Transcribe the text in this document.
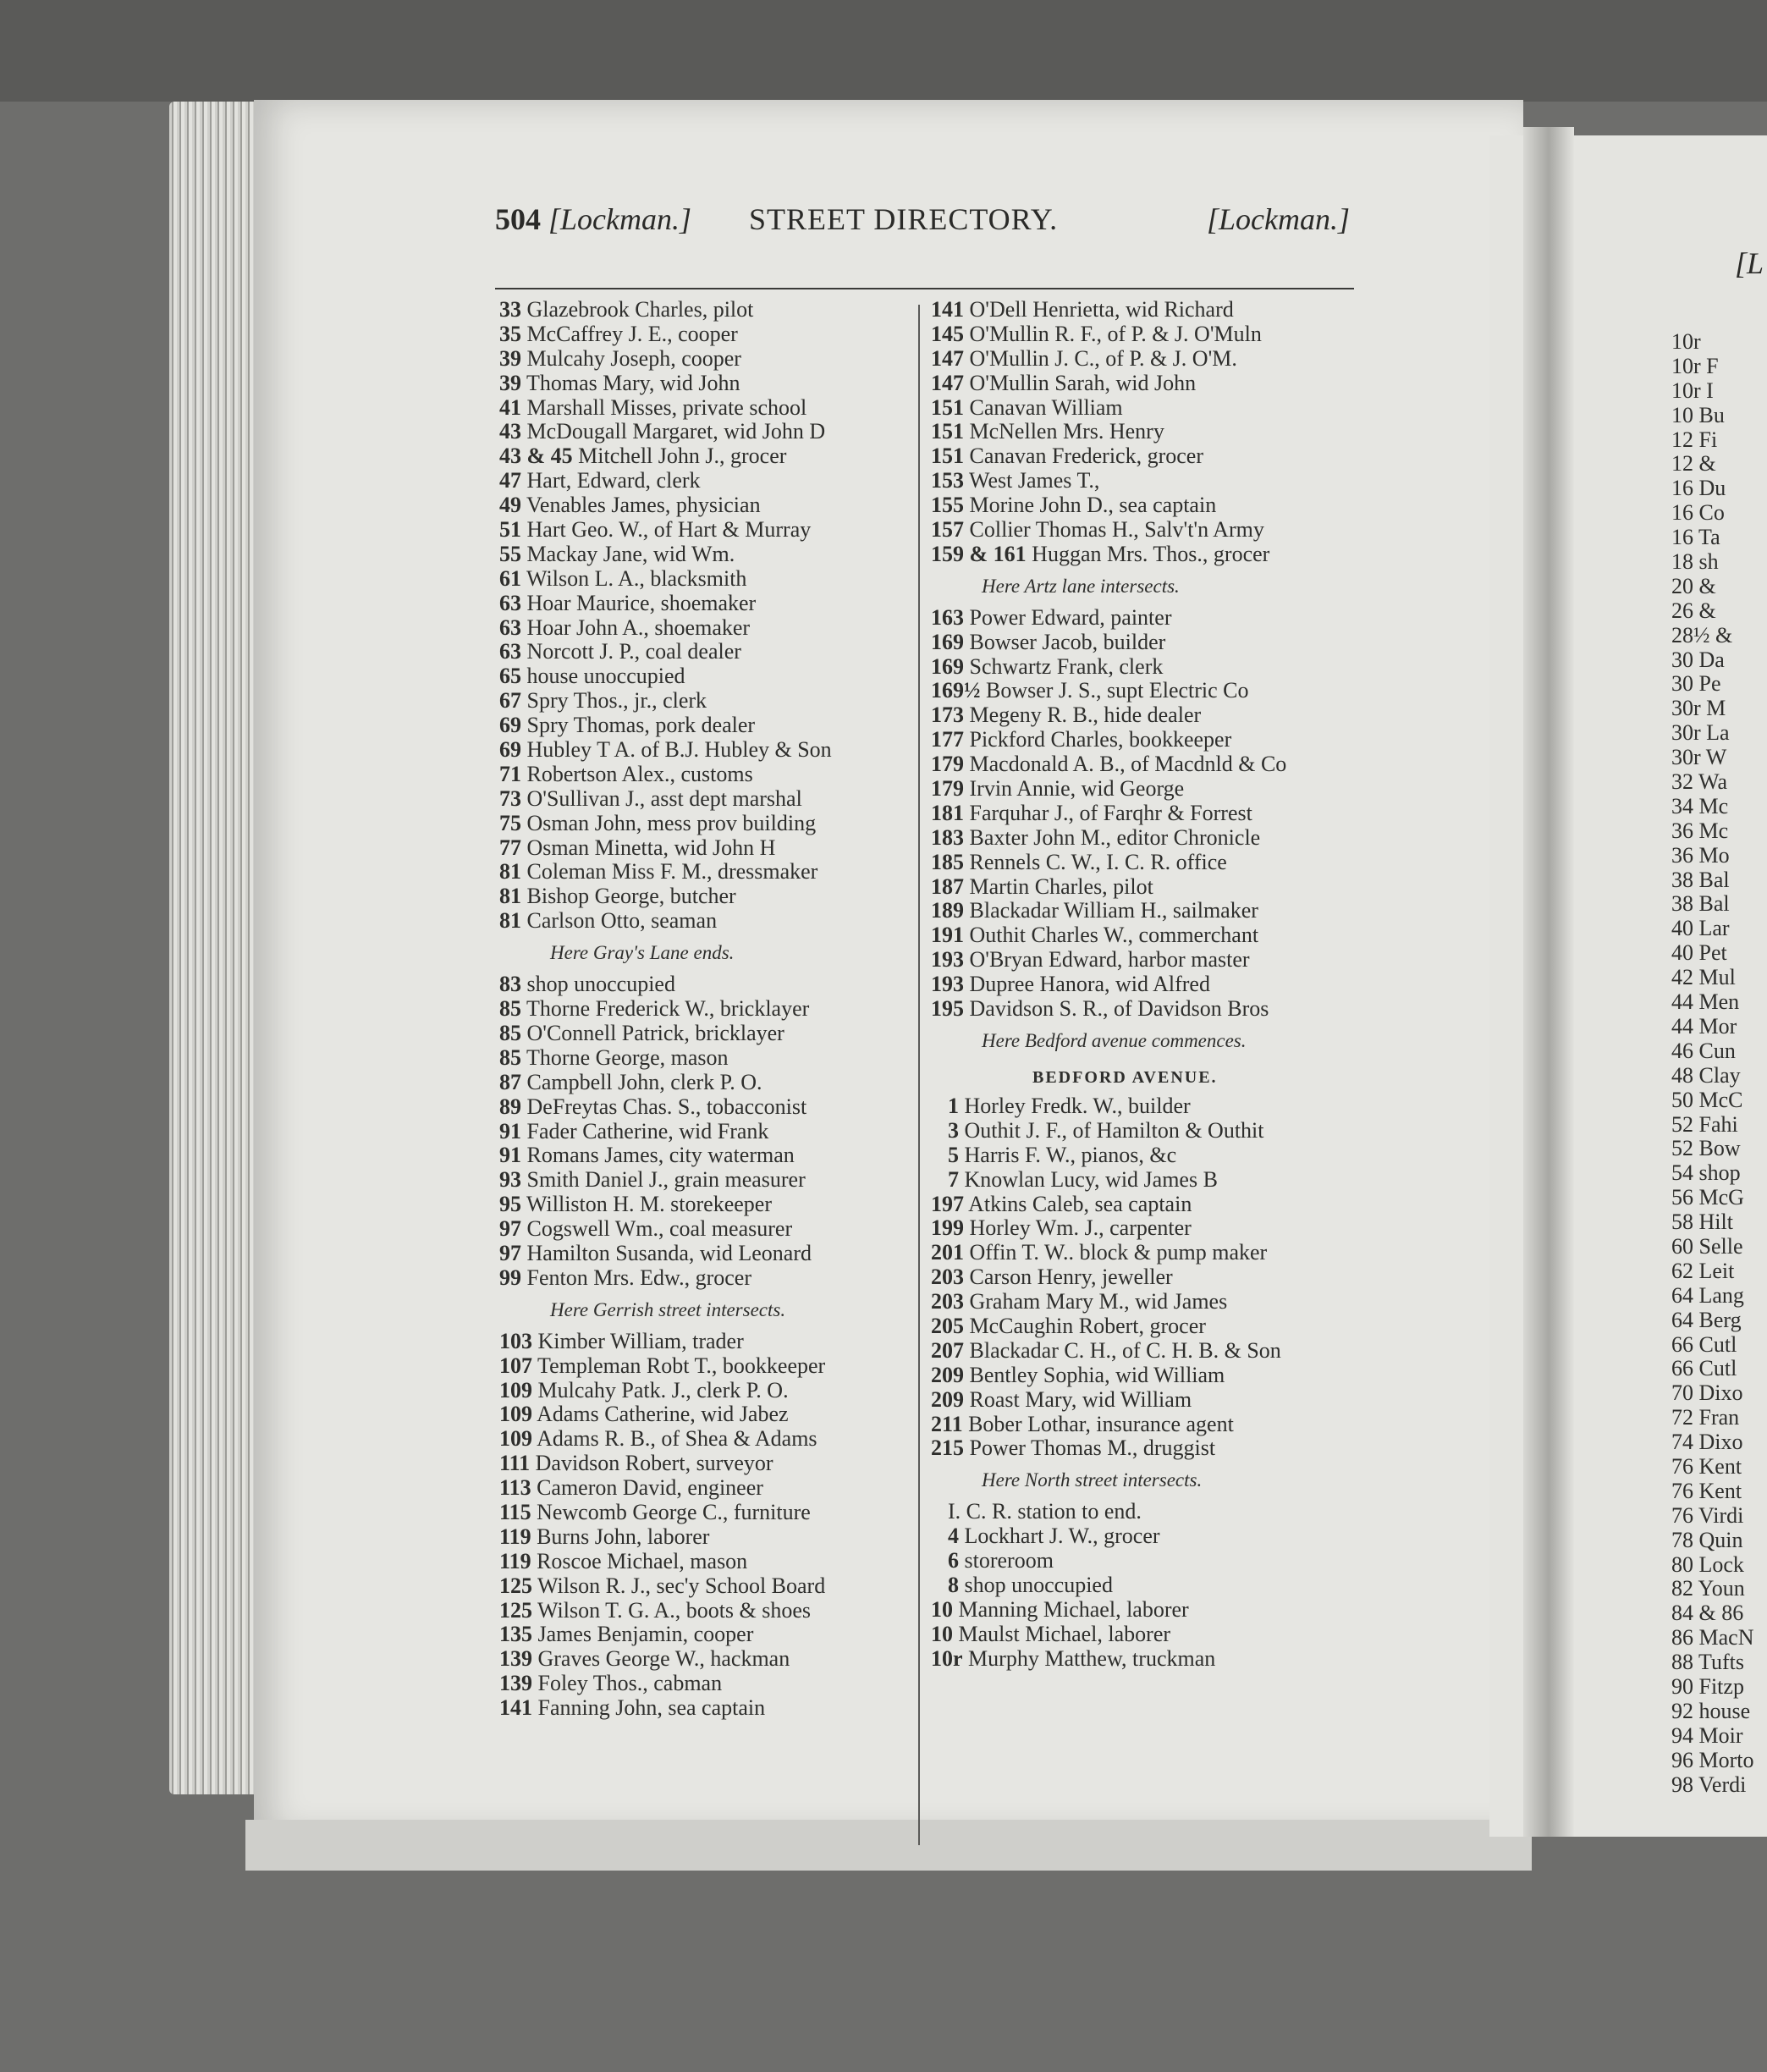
504 [Lockman.] STREET DIRECTORY.	[Lockman.]
33 Glazebrook Charles, pilot
35 McCaffrey J. E., cooper
39 Mulcahy Joseph, cooper
39 Thomas Mary, wid John
41 Marshall Misses, private school
43 McDougall Margaret, wid John D
43 & 45 Mitchell John J., grocer
47 Hart, Edward, clerk
49 Venables James, physician
51 Hart Geo. W., of Hart & Murray
55 Mackay Jane, wid Wm.
61 Wilson L. A., blacksmith
63 Hoar Maurice, shoemaker
63 Hoar John A., shoemaker
63 Norcott J. P., coal dealer
65 house unoccupied
67 Spry Thos., jr., clerk
69 Spry Thomas, pork dealer
69 Hubley T A. of B.J. Hubley & Son
71 Robertson Alex., customs
73 O'Sullivan J., asst dept marshal
75 Osman John, mess prov building
77 Osman Minetta, wid John H
81 Coleman Miss F. M., dressmaker
81 Bishop George, butcher
81 Carlson Otto, seaman
Here Gray's Lane ends.
83 shop unoccupied
85 Thorne Frederick W., bricklayer
85 O'Connell Patrick, bricklayer
85 Thorne George, mason
87 Campbell John, clerk P. O.
89 DeFreytas Chas. S., tobacconist
91 Fader Catherine, wid Frank
91 Romans James, city waterman
93 Smith Daniel J., grain measurer
95 Williston H. M. storekeeper
97 Cogswell Wm., coal measurer
97 Hamilton Susanda, wid Leonard
99 Fenton Mrs. Edw., grocer
Here Gerrish street intersects.
103 Kimber William, trader
107 Templeman Robt T., bookkeeper
109 Mulcahy Patk. J., clerk P. O.
109 Adams Catherine, wid Jabez
109 Adams R. B., of Shea & Adams
111 Davidson Robert, surveyor
113 Cameron David, engineer
115 Newcomb George C., furniture
119 Burns John, laborer
119 Roscoe Michael, mason
125 Wilson R. J., sec'y School Board
125 Wilson T. G. A., boots & shoes
135 James Benjamin, cooper
139 Graves George W., hackman
139 Foley Thos., cabman
141 Fanning John, sea captain
141 O'Dell Henrietta, wid Richard
145 O'Mullin R. F., of P. & J. O'Muln
147 O'Mullin J. C., of P. & J. O'M.
147 O'Mullin Sarah, wid John
151 Canavan William
151 McNellen Mrs. Henry
151 Canavan Frederick, grocer
153 West James T.,
155 Morine John D., sea captain
157 Collier Thomas H., Salv't'n Army
159 & 161 Huggan Mrs. Thos., grocer
Here Artz lane intersects.
163 Power Edward, painter
169 Bowser Jacob, builder
169 Schwartz Frank, clerk
169½ Bowser J. S., supt Electric Co
173 Megeny R. B., hide dealer
177 Pickford Charles, bookkeeper
179 Macdonald A. B., of Macdnld & Co
179 Irvin Annie, wid George
181 Farquhar J., of Farqhr & Forrest
183 Baxter John M., editor Chronicle
185 Rennels C. W., I. C. R. office
187 Martin Charles, pilot
189 Blackadar William H., sailmaker
191 Outhit Charles W., commerchant
193 O'Bryan Edward, harbor master
193 Dupree Hanora, wid Alfred
195 Davidson S. R., of Davidson Bros
Here Bedford avenue commences.
BEDFORD AVENUE.
1 Horley Fredk. W., builder
3 Outhit J. F., of Hamilton & Outhit
5 Harris F. W., pianos, &c
7 Knowlan Lucy, wid James B
197 Atkins Caleb, sea captain
199 Horley Wm. J., carpenter
201 Offin T. W.. block & pump maker
203 Carson Henry, jeweller
203 Graham Mary M., wid James
205 McCaughin Robert, grocer
207 Blackadar C. H., of C. H. B. & Son
209 Bentley Sophia, wid William
209 Roast Mary, wid William
211 Bober Lothar, insurance agent
215 Power Thomas M., druggist
Here North street intersects.
I. C. R. station to end.
4 Lockhart J. W., grocer
6 storeroom
8 shop unoccupied
10 Manning Michael, laborer
10 Maulst Michael, laborer
10r Murphy Matthew, truckman
[L
10r
10r F
10r I
10 Bu
12 Fi
12 &
16 Du
16 Co
16 Ta
18 sh
20 &
26 &
28½ &
30 Da
30 Pe
30r M
30r La
30r W
32 Wa
34 Mc
36 Mc
36 Mo
38 Bal
38 Bal
40 Lar
40 Pet
42 Mul
44 Men
44 Mor
46 Cun
48 Clay
50 McC
52 Fahi
52 Bow
54 shop
56 McG
58 Hilt
60 Selle
62 Leit
64 Lang
64 Berg
66 Cutl
66 Cutl
70 Dixo
72 Fran
74 Dixo
76 Kent
76 Kent
76 Virdi
78 Quin
80 Lock
82 Youn
84 & 86
86 MacN
88 Tufts
90 Fitzp
92 house
94 Moir
96 Morto
98 Verdi
